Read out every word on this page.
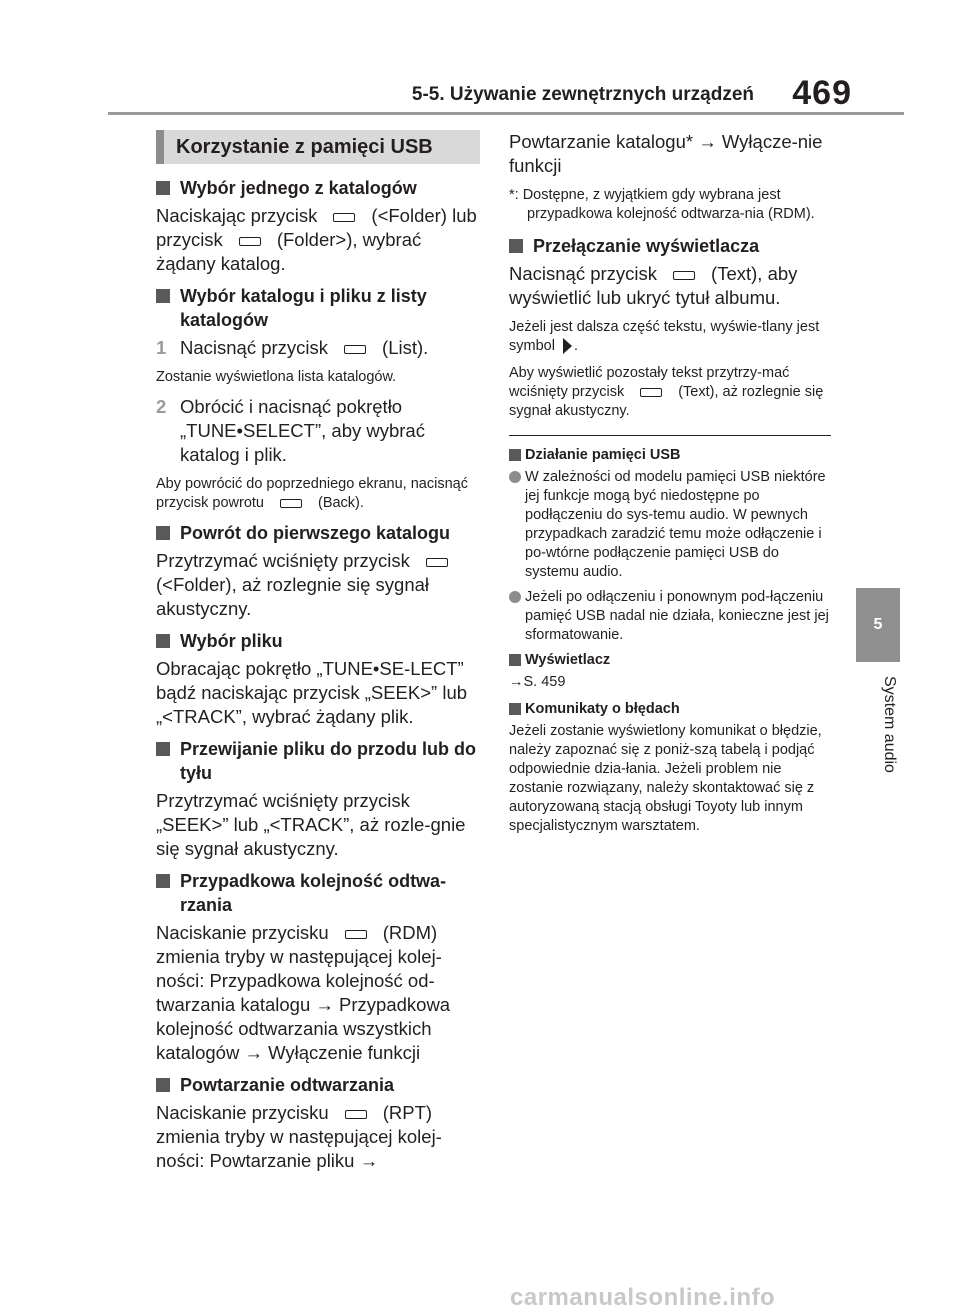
5-5. Używanie zewnętrznych urządzeń 469
5
System audio
Korzystanie z pamięci USB
Wybór jednego z katalogów

Naciskając przycisk	(<Folder) lub przycisk	(Folder>), wybrać żądany katalog.

Wybór katalogu i pliku z listy katalogów
1 Nacisnąć przycisk	(List).

Zostanie wyświetlona lista katalogów.

2 Obrócić i nacisnąć pokrętło „TUNE•SELECT”, aby wybrać katalog i plik.

Aby powrócić do poprzedniego ekranu, nacisnąć przycisk powrotu	(Back).

Powrót do pierwszego katalogu

Przytrzymać wciśnięty przycisk(<Folder), aż rozlegnie się sygnał akustyczny.

Wybór pliku

Obracając pokrętło „TUNE•SE-LECT” bądź naciskając przycisk „SEEK>” lub „<TRACK”, wybrać żądany plik.

Przewijanie pliku do przodu lub do tyłu

Przytrzymać wciśnięty przycisk „SEEK>” lub „<TRACK”, aż rozle-gnie się sygnał akustyczny.

Przypadkowa kolejność odtwa-rzania

Naciskanie przycisku	(RDM) zmienia tryby w następującej kolej-ności: Przypadkowa kolejność od-twarzania katalogu → Przypadkowa kolejność odtwarzania wszystkich katalogów → Wyłączenie funkcji

Powtarzanie odtwarzania

Naciskanie przycisku	(RPT) zmienia tryby w następującej kolej-ności: Powtarzanie pliku →

Powtarzanie katalogu* → Wyłącze-nie funkcji

*: Dostępne, z wyjątkiem gdy wybrana jest przypadkowa kolejność odtwarza-nia (RDM).

Przełączanie wyświetlacza

Nacisnąć przycisk	(Text), aby wyświetlić lub ukryć tytuł albumu.

Jeżeli jest dalsza część tekstu, wyświe-tlany jest symbol .

Aby wyświetlić pozostały tekst przytrzy-mać wciśnięty przycisk	(Text), aż rozlegnie się sygnał akustyczny.

Działanie pamięci USB
W zależności od modelu pamięci USB niektóre jej funkcje mogą być niedostępne po podłączeniu do sys-temu audio. W pewnych przypadkach zaradzić temu może odłączenie i po-wtórne podłączenie pamięci USB do systemu audio.
Jeżeli po odłączeniu i ponownym pod-łączeniu pamięć USB nadal nie działa, konieczne jest jej sformatowanie.
Wyświetlacz

→S. 459

Komunikaty o błędach

Jeżeli zostanie wyświetlony komunikat o błędzie, należy zapoznać się z poniż-szą tabelą i podjąć odpowiednie dzia-łania. Jeżeli problem nie zostanie rozwiązany, należy skontaktować się z autoryzowaną stacją obsługi Toyoty lub innym specjalistycznym warsztatem.

carmanualsonline.info
